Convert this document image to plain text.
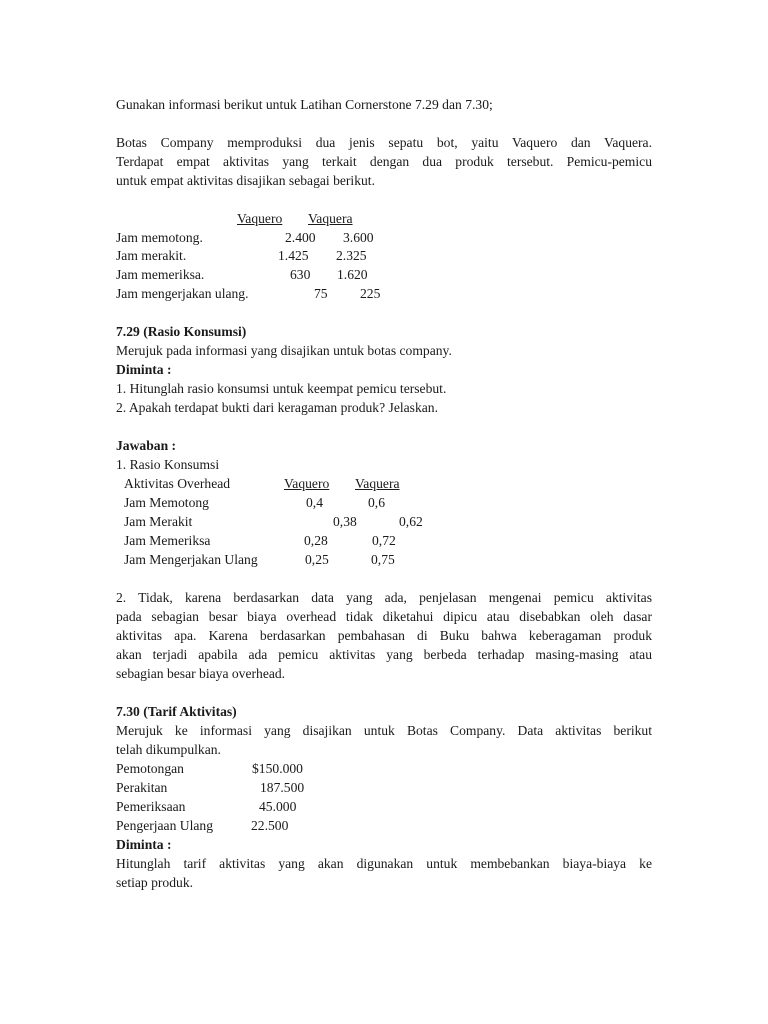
Gunakan informasi berikut untuk Latihan Cornerstone 7.29 dan 7.30;
Botas Company memproduksi dua jenis sepatu bot, yaitu Vaquero dan Vaquera.
Terdapat empat aktivitas yang terkait dengan dua produk tersebut. Pemicu-pemicu
untuk empat aktivitas disajikan sebagai berikut.
Vaquero Vaquera
Jam memotong.	2.400 3.600
Jam merakit.	1.425 2.325
Jam memeriksa.	630 1.620
Jam mengerjakan ulang.	75 225
7.29 (Rasio Konsumsi)
Merujuk pada informasi yang disajikan untuk botas company.
Diminta :
1. Hitunglah rasio konsumsi untuk keempat pemicu tersebut.
2. Apakah terdapat bukti dari keragaman produk? Jelaskan.
Jawaban :
1. Rasio Konsumsi
Aktivitas Overhead	Vaquero Vaquera
Jam Memotong	0,4	0,6
Jam Merakit	0,38	0,62
Jam Memeriksa	0,28	0,72
Jam Mengerjakan Ulang	0,25	0,75
2. Tidak, karena berdasarkan data yang ada, penjelasan mengenai pemicu aktivitas
pada sebagian besar biaya overhead tidak diketahui dipicu atau disebabkan oleh dasar
aktivitas apa. Karena berdasarkan pembahasan di Buku bahwa keberagaman produk
akan terjadi apabila ada pemicu aktivitas yang berbeda terhadap masing-masing atau
sebagian besar biaya overhead.
7.30 (Tarif Aktivitas)
Merujuk ke informasi yang disajikan untuk Botas Company. Data aktivitas berikut
telah dikumpulkan.
Pemotongan	$150.000
Perakitan	187.500
Pemeriksaan	45.000
Pengerjaan Ulang	22.500
Diminta :
Hitunglah tarif aktivitas yang akan digunakan untuk membebankan biaya-biaya ke
setiap produk.
